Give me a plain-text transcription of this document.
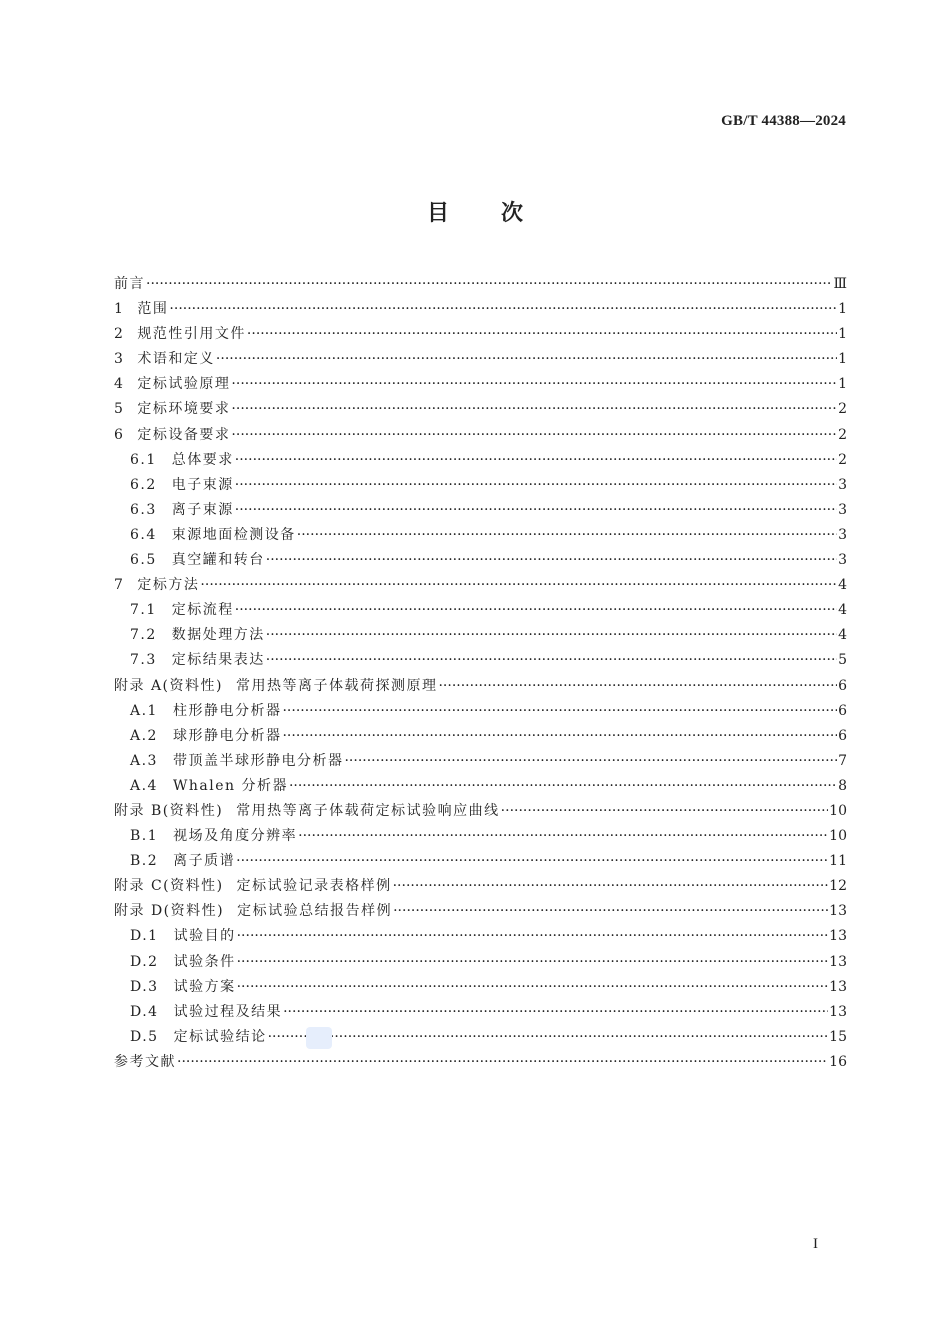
GB/T 44388—2024
目次
前言 ·····	Ⅲ
1 范围 ·····	1
2 规范性引用文件 ·····	1
3 术语和定义 ·····	1
4 定标试验原理 ·····	1
5 定标环境要求 ·····	2
6 定标设备要求 ·····	2
6.1 总体要求 ·····	2
6.2 电子束源 ·····	3
6.3 离子束源 ·····	3
6.4 束源地面检测设备 ·····	3
6.5 真空罐和转台 ·····	3
7 定标方法 ·····	4
7.1 定标流程 ·····	4
7.2 数据处理方法 ·····	4
7.3 定标结果表达 ·····	5
附录 A(资料性) 常用热等离子体载荷探测原理 ·····	6
A.1 柱形静电分析器 ·····	6
A.2 球形静电分析器 ·····	6
A.3 带顶盖半球形静电分析器 ·····	7
A.4 Whalen 分析器 ·····	8
附录 B(资料性) 常用热等离子体载荷定标试验响应曲线 ·····	10
B.1 视场及角度分辨率 ·····	10
B.2 离子质谱 ·····	11
附录 C(资料性) 定标试验记录表格样例 ·····	12
附录 D(资料性) 定标试验总结报告样例 ·····	13
D.1 试验目的 ·····	13
D.2 试验条件 ·····	13
D.3 试验方案 ·····	13
D.4 试验过程及结果 ·····	13
D.5 定标试验结论 ·····	15
参考文献 ·····	16
I
